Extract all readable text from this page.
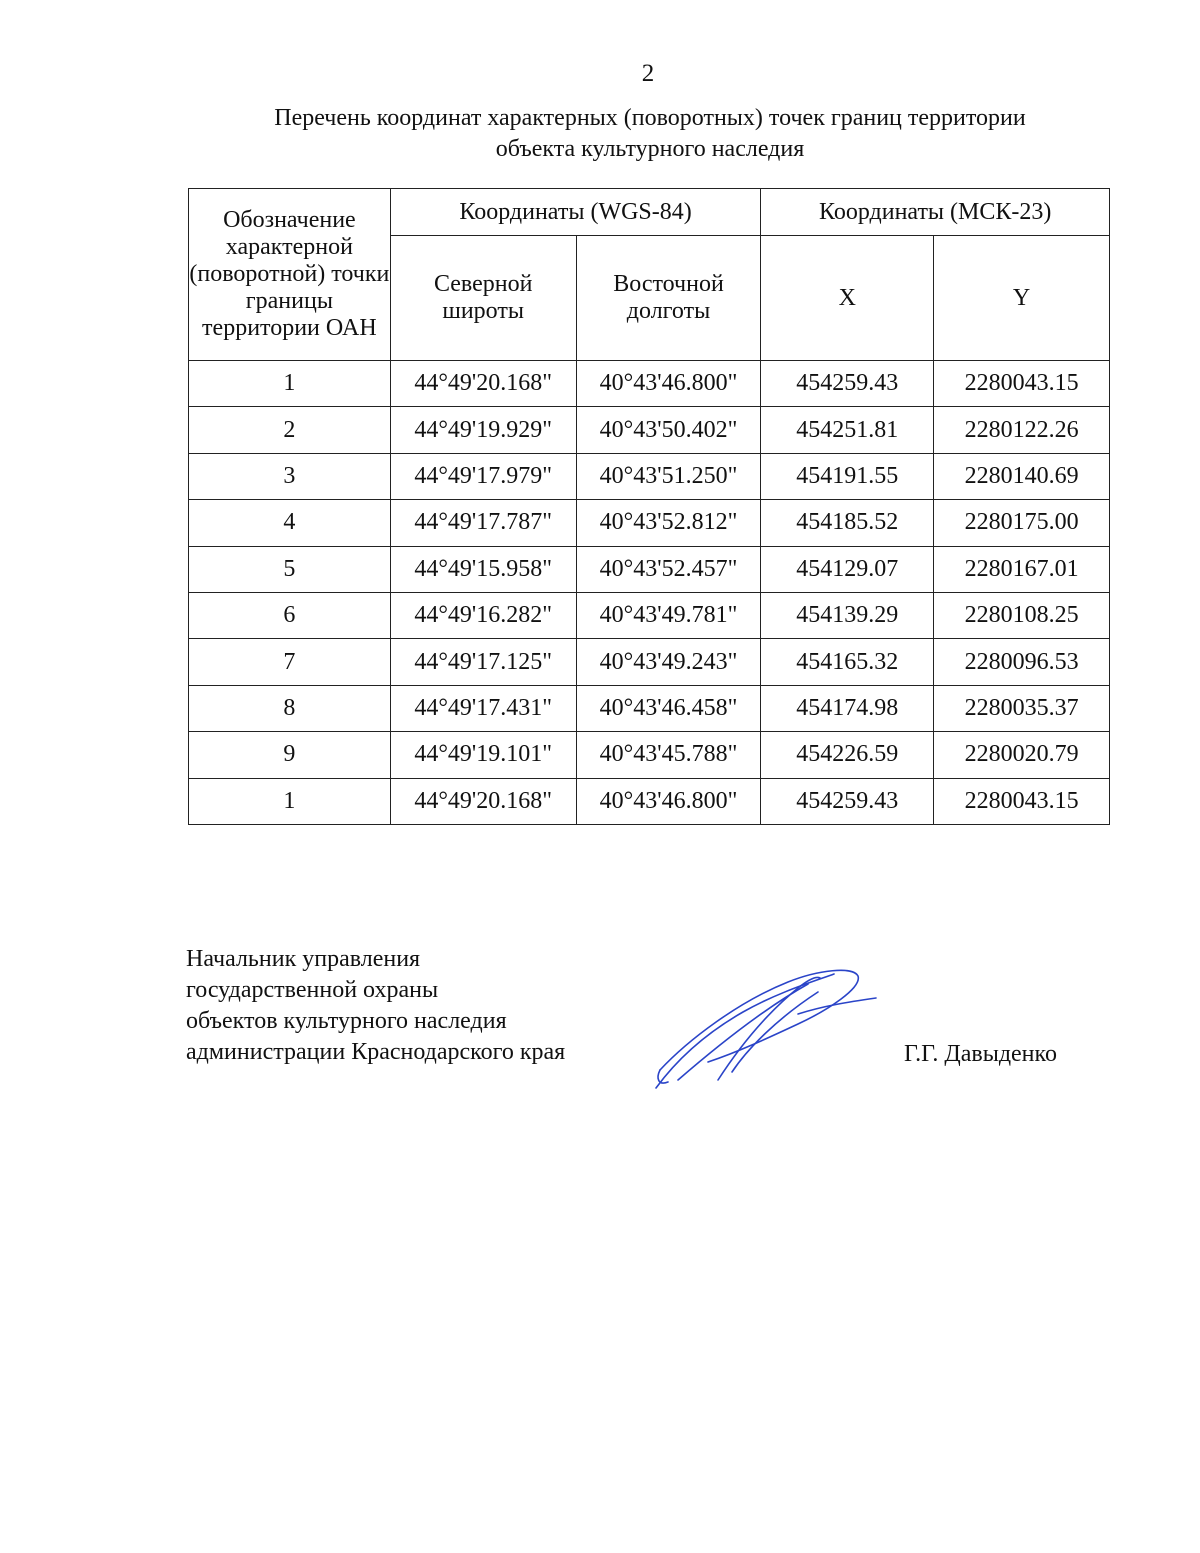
2
Перечень координат характерных (поворотных) точек границ территории
объекта культурного наследия
Обозначение характерной (поворотной) точки границы территории ОАН	Координаты (WGS-84)		Координаты (МСК-23)	
	Северной широты	Восточной долготы	X	Y
1	44°49'20.168"	40°43'46.800"	454259.43	2280043.15
2	44°49'19.929"	40°43'50.402"	454251.81	2280122.26
3	44°49'17.979"	40°43'51.250"	454191.55	2280140.69
4	44°49'17.787"	40°43'52.812"	454185.52	2280175.00
5	44°49'15.958"	40°43'52.457"	454129.07	2280167.01
6	44°49'16.282"	40°43'49.781"	454139.29	2280108.25
7	44°49'17.125"	40°43'49.243"	454165.32	2280096.53
8	44°49'17.431"	40°43'46.458"	454174.98	2280035.37
9	44°49'19.101"	40°43'45.788"	454226.59	2280020.79
1	44°49'20.168"	40°43'46.800"	454259.43	2280043.15
Начальник управления
государственной охраны
объектов культурного наследия
администрации Краснодарского края	Г.Г. Давыденко
